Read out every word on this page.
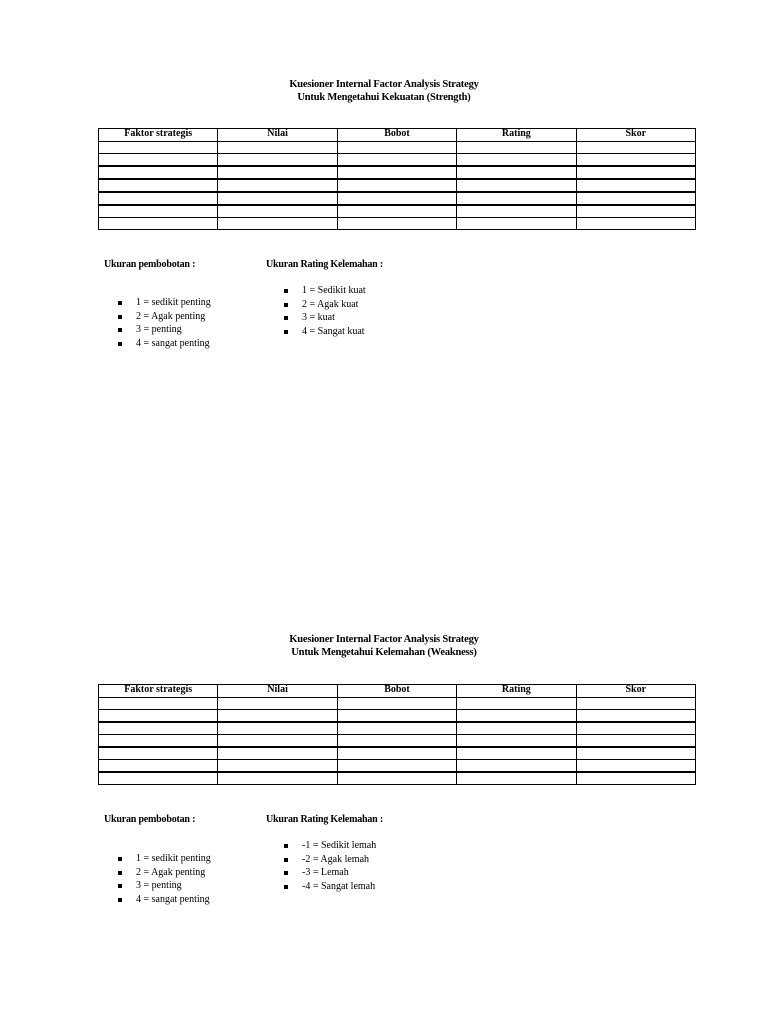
Kuesioner Internal Factor Analysis Strategy
Untuk Mengetahui Kekuatan (Strength)
Faktor strategis	Nilai	Bobot	Rating	Skor

Ukuran pembobotan :	Ukuran Rating Kelemahan :
1 = sedikit penting
2 = Agak penting
3 = penting
4 = sangat penting
1 = Sedikit kuat
2 = Agak kuat
3 = kuat
4 = Sangat kuat
Kuesioner Internal Factor Analysis Strategy
Untuk Mengetahui Kelemahan (Weakness)
Faktor strategis	Nilai	Bobot	Rating	Skor

Ukuran pembobotan :	Ukuran Rating Kelemahan :
1 = sedikit penting
2 = Agak penting
3 = penting
4 = sangat penting
-1 = Sedikit lemah
-2 = Agak lemah
-3 = Lemah
-4 = Sangat lemah
